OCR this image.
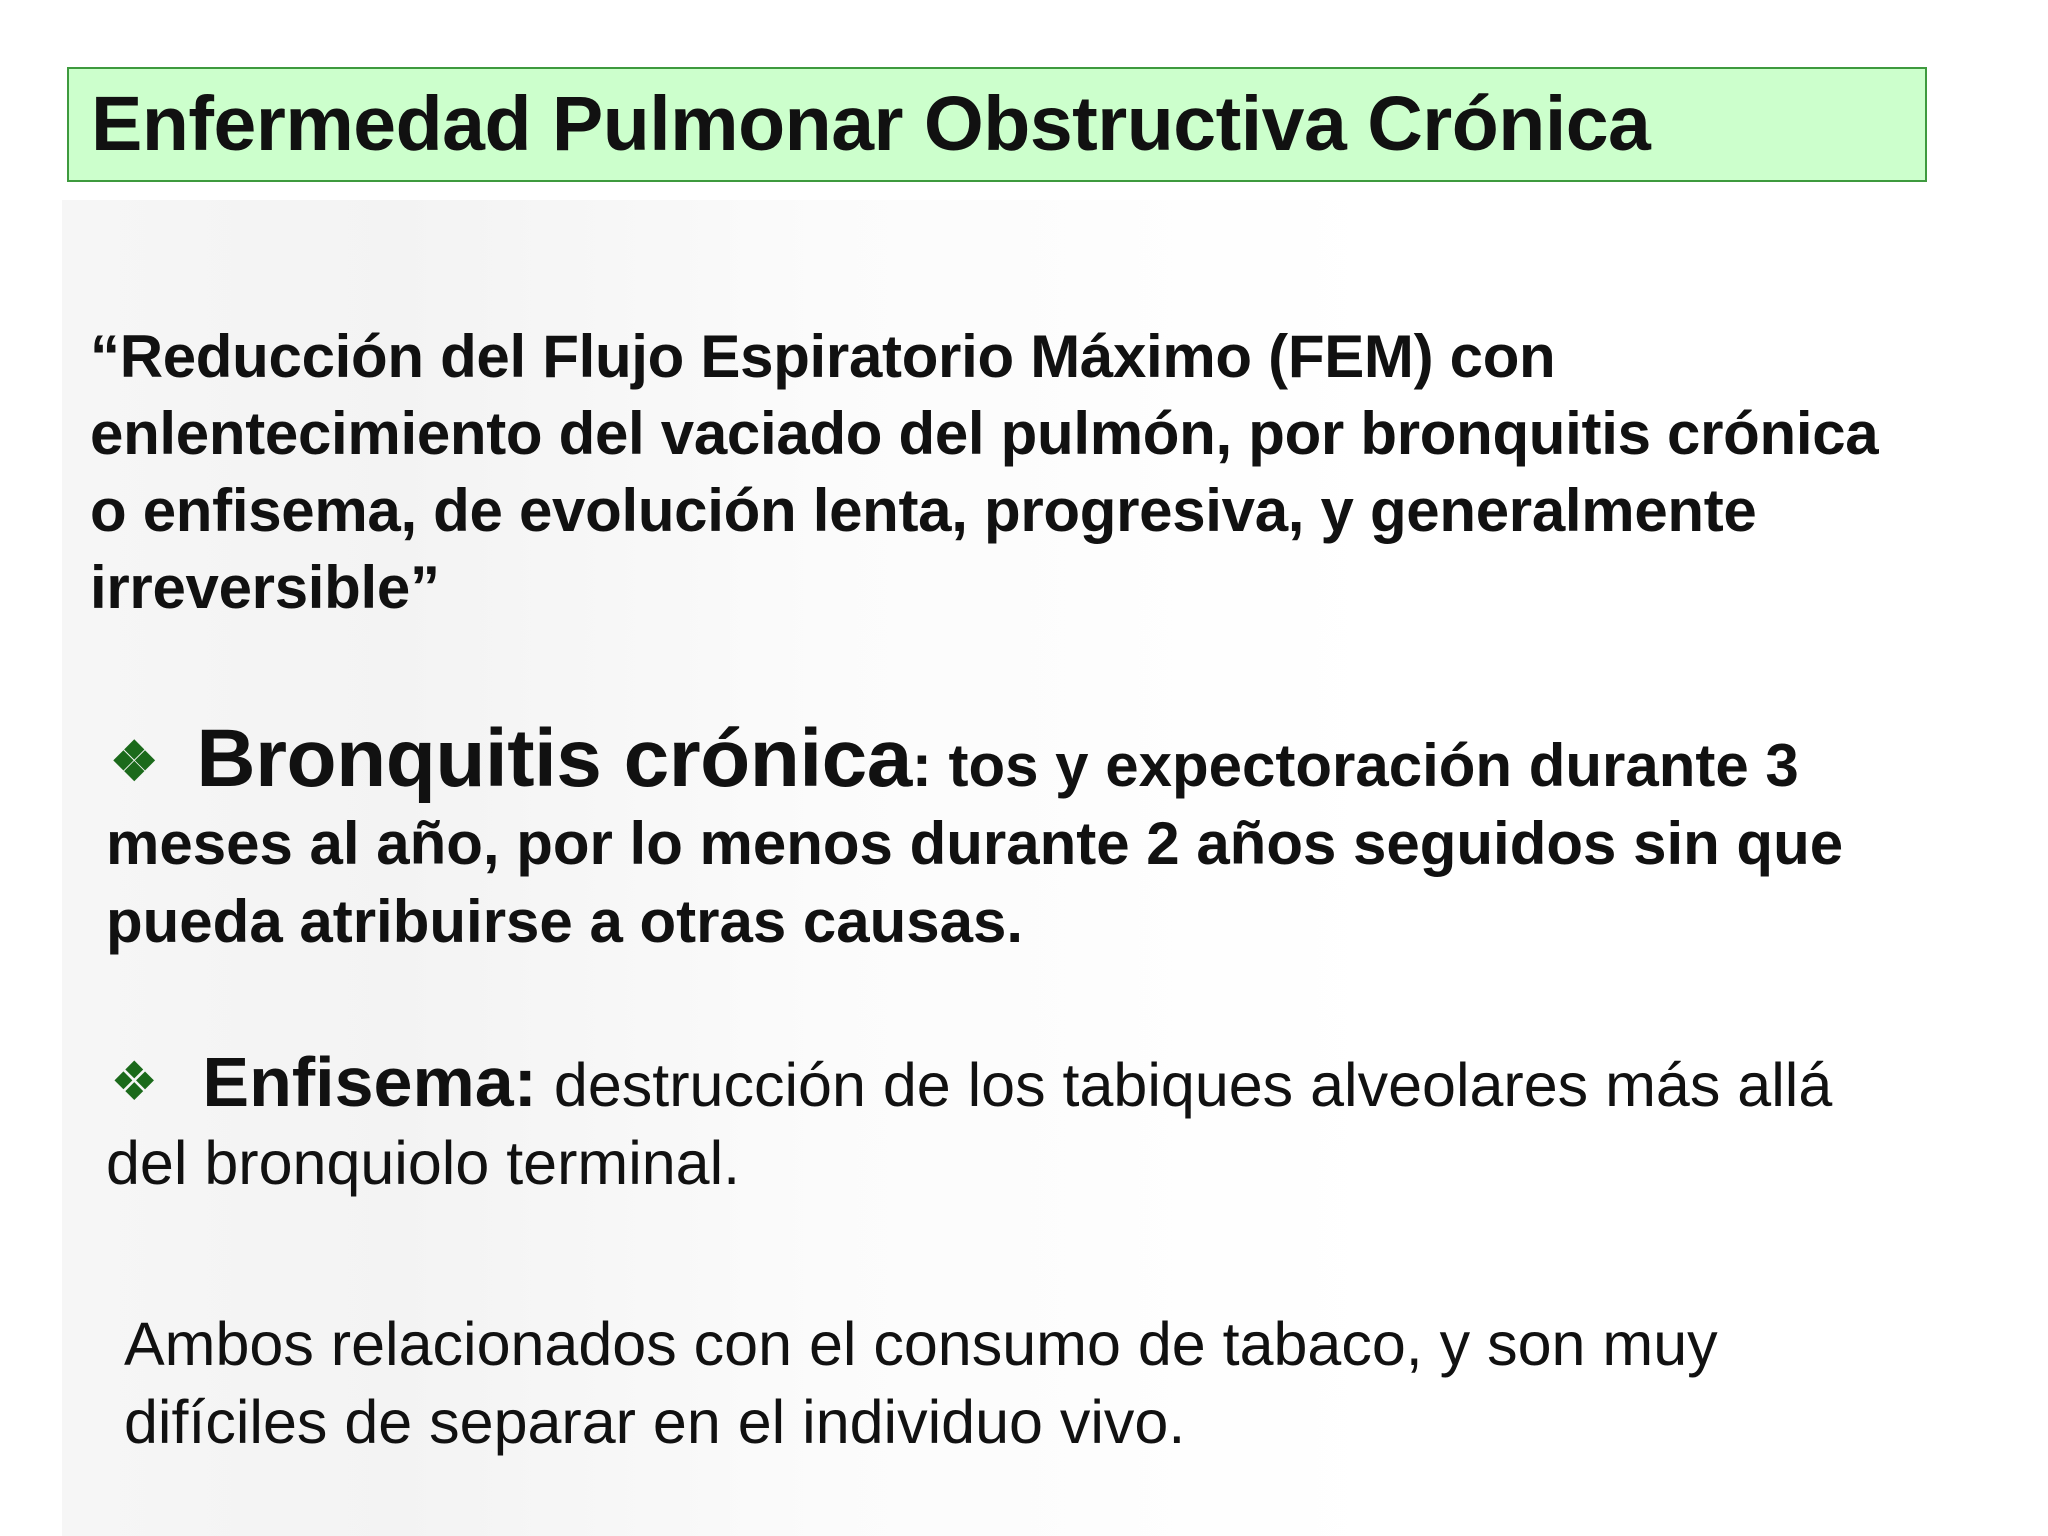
Enfermedad Pulmonar Obstructiva Crónica

“Reducción del Flujo Espiratorio Máximo (FEM) con enlentecimiento del vaciado del pulmón, por bronquitis crónica o enfisema, de evolución lenta, progresiva, y generalmente irreversible”

❖ Bronquitis crónica: tos y expectoración durante 3 meses al año, por lo menos durante 2 años seguidos sin que pueda atribuirse a otras causas.

❖ Enfisema: destrucción de los tabiques alveolares más allá del bronquiolo terminal.

Ambos relacionados con el consumo de tabaco, y son muy difíciles de separar en el individuo vivo.
